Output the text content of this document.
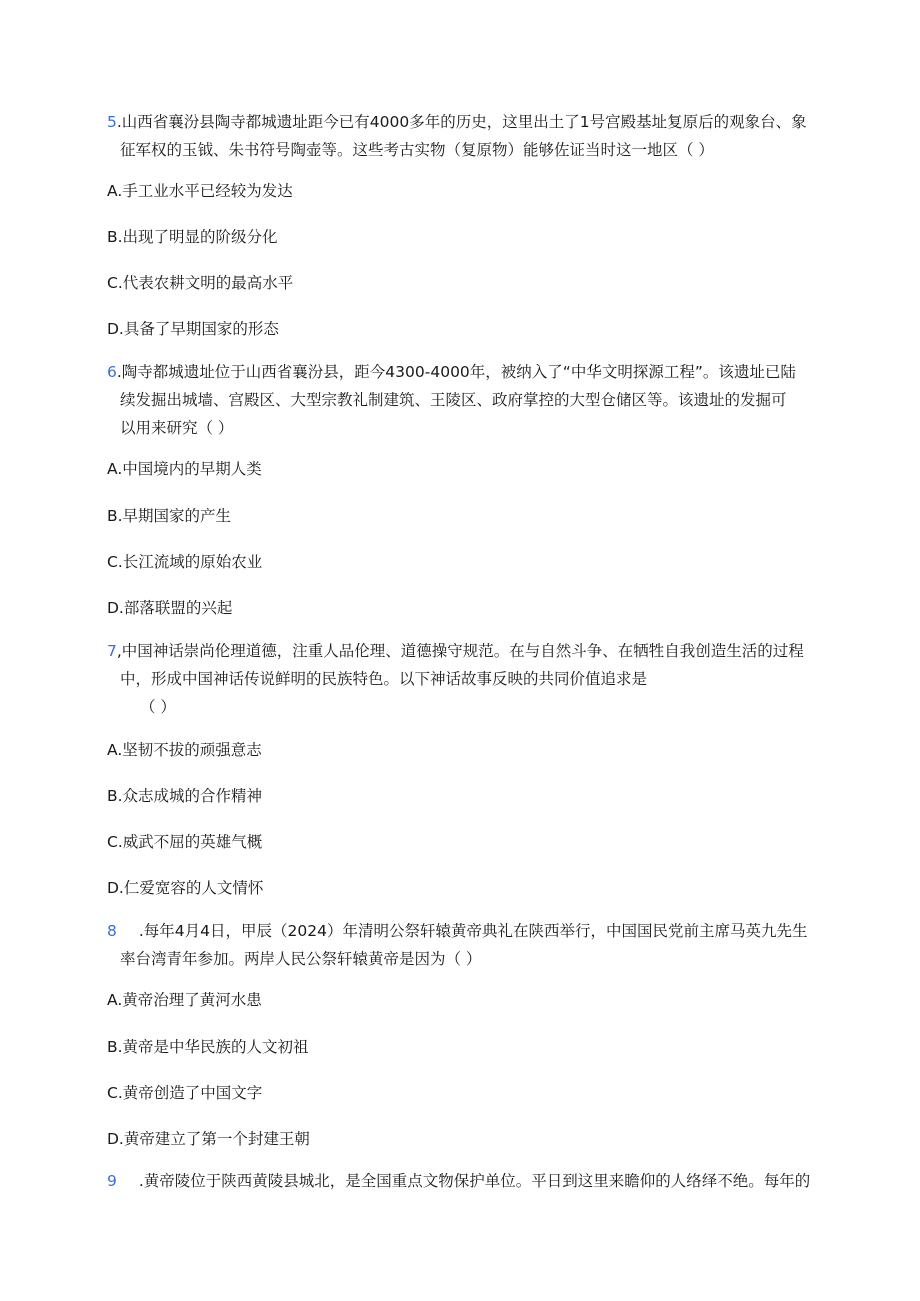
5.山西省襄汾县陶寺都城遗址距今已有4000多年的历史，这里出土了1号宫殿基址复原后的观象台、象
征军权的玉钺、朱书符号陶壶等。这些考古实物（复原物）能够佐证当时这一地区（ ）
A.手工业水平已经较为发达
B.出现了明显的阶级分化
C.代表农耕文明的最高水平
D.具备了早期国家的形态
6.陶寺都城遗址位于山西省襄汾县，距今4300-4000年，被纳入了“中华文明探源工程”。该遗址已陆
续发掘出城墙、宫殿区、大型宗教礼制建筑、王陵区、政府掌控的大型仓储区等。该遗址的发掘可
以用来研究（ ）
A.中国境内的早期人类
B.早期国家的产生
C.长江流域的原始农业
D.部落联盟的兴起
7,中国神话崇尚伦理道德，注重人品伦理、道德操守规范。在与自然斗争、在牺牲自我创造生活的过程
中，形成中国神话传说鲜明的民族特色。以下神话故事反映的共同价值追求是
（ ）
A.坚韧不拔的顽强意志
B.众志成城的合作精神
C.威武不屈的英雄气概
D.仁爱宽容的人文情怀
8 .每年4月4日，甲辰（2024）年清明公祭轩辕黄帝典礼在陕西举行，中国国民党前主席马英九先生
率台湾青年参加。两岸人民公祭轩辕黄帝是因为（ ）
A.黄帝治理了黄河水患
B.黄帝是中华民族的人文初祖
C.黄帝创造了中国文字
D.黄帝建立了第一个封建王朝
9 .黄帝陵位于陕西黄陵县城北，是全国重点文物保护单位。平日到这里来瞻仰的人络绎不绝。每年的
